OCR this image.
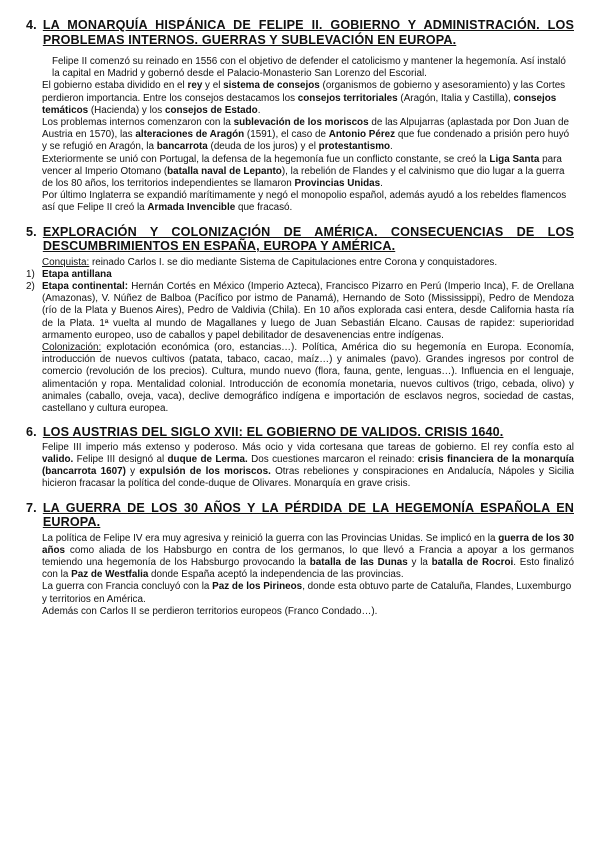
4. LA MONARQUÍA HISPÁNICA DE FELIPE II. GOBIERNO Y ADMINISTRACIÓN. LOS PROBLEMAS INTERNOS. GUERRAS Y SUBLEVACIÓN EN EUROPA.

Felipe II comenzó su reinado en 1556 con el objetivo de defender el catolicismo y mantener la hegemonía. Así instaló la capital en Madrid y gobernó desde el Palacio-Monasterio San Lorenzo del Escorial.

El gobierno estaba dividido en el rey y el sistema de consejos (organismos de gobierno y asesoramiento) y las Cortes perdieron importancia. Entre los consejos destacamos los consejos territoriales (Aragón, Italia y Castilla), consejos temáticos (Hacienda) y los consejos de Estado.

Los problemas internos comenzaron con la sublevación de los moriscos de las Alpujarras (aplastada por Don Juan de Austria en 1570), las alteraciones de Aragón (1591), el caso de Antonio Pérez que fue condenado a prisión pero huyó y se refugió en Aragón, la bancarrota (deuda de los juros) y el protestantismo.

Exteriormente se unió con Portugal, la defensa de la hegemonía fue un conflicto constante, se creó la Liga Santa para vencer al Imperio Otomano (batalla naval de Lepanto), la rebelión de Flandes y el calvinismo que dio lugar a la guerra de los 80 años, los territorios independientes se llamaron Provincias Unidas.

Por último Inglaterra se expandió marítimamente y negó el monopolio español, además ayudó a los rebeldes flamencos así que Felipe II creó la Armada Invencible que fracasó.

5. EXPLORACIÓN Y COLONIZACIÓN DE AMÉRICA. CONSECUENCIAS DE LOS DESCUMBRIMIENTOS EN ESPAÑA, EUROPA Y AMÉRICA.

Conquista: reinado Carlos I. se dio mediante Sistema de Capitulaciones entre Corona y conquistadores.

1) Etapa antillana
2) Etapa continental: Hernán Cortés en México (Imperio Azteca), Francisco Pizarro en Perú (Imperio Inca), F. de Orellana (Amazonas), V. Núñez de Balboa (Pacífico por istmo de Panamá), Hernando de Soto (Mississippi), Pedro de Mendoza (río de la Plata y Buenos Aires), Pedro de Valdivia (Chila). En 10 años explorada casi entera, desde California hasta ría de la Plata. 1ª vuelta al mundo de Magallanes y luego de Juan Sebastián Elcano. Causas de rapidez: superioridad armamento europeo, uso de caballos y papel debilitador de desavenencias entre indígenas.

Colonización: explotación económica (oro, estancias…). Política, América dio su hegemonía en Europa. Economía, introducción de nuevos cultivos (patata, tabaco, cacao, maíz…) y animales (pavo). Grandes ingresos por control de comercio (revolución de los precios). Cultura, mundo nuevo (flora, fauna, gente, lenguas…). Influencia en el lenguaje, alimentación y ropa. Mentalidad colonial. Introducción de economía monetaria, nuevos cultivos (trigo, cebada, olivo) y animales (caballo, oveja, vaca), declive demográfico indígena e importación de esclavos negros, sociedad de castas, castellano y cultura europea.

6. LOS AUSTRIAS DEL SIGLO XVII: EL GOBIERNO DE VALIDOS. CRISIS 1640.

Felipe III imperio más extenso y poderoso. Más ocio y vida cortesana que tareas de gobierno. El rey confía esto al valido. Felipe III designó al duque de Lerma. Dos cuestiones marcaron el reinado: crisis financiera de la monarquía (bancarrota 1607) y expulsión de los moriscos. Otras rebeliones y conspiraciones en Andalucía, Nápoles y Sicilia hicieron fracasar la política del conde-duque de Olivares. Monarquía en grave crisis.

7. LA GUERRA DE LOS 30 AÑOS Y LA PÉRDIDA DE LA HEGEMONÍA ESPAÑOLA EN EUROPA.

La política de Felipe IV era muy agresiva y reinició la guerra con las Provincias Unidas. Se implicó en la guerra de los 30 años como aliada de los Habsburgo en contra de los germanos, lo que llevó a Francia a apoyar a los germanos temiendo una hegemonía de los Habsburgo provocando la batalla de las Dunas y la batalla de Rocroi. Esto finalizó con la Paz de Westfalia donde España aceptó la independencia de las provincias.

La guerra con Francia concluyó con la Paz de los Pirineos, donde esta obtuvo parte de Cataluña, Flandes, Luxemburgo y territorios en América.

Además con Carlos II se perdieron territorios europeos (Franco Condado…).
